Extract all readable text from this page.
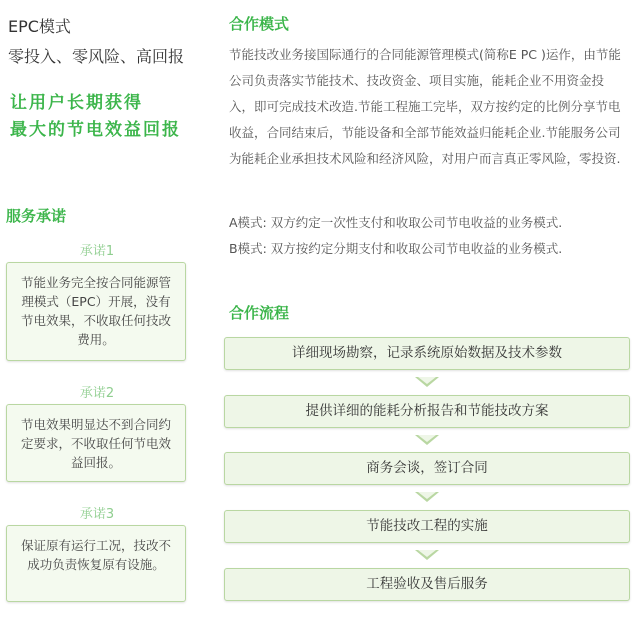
EPC模式
零投入、零风险、高回报
让用户长期获得
最大的节电效益回报
服务承诺
承诺1
节能业务完全按合同能源管理模式（EPC）开展，没有节电效果，不收取任何技改费用。
承诺2
节电效果明显达不到合同约定要求，不收取任何节电效益回报。
承诺3
保证原有运行工况，技改不成功负责恢复原有设施。
合作模式
节能技改业务接国际通行的合同能源管理模式(简称E PC )运作，由节能公司负责落实节能技术、技改资金、项目实施，能耗企业不用资金投入，即可完成技术改造.节能工程施工完毕，双方按约定的比例分享节电收益，合同结束后，节能设备和全部节能效益归能耗企业.节能服务公司为能耗企业承担技术风险和经济风险，对用户而言真正零风险，零投资.
A模式: 双方约定一次性支付和收取公司节电收益的业务模式.
B模式: 双方按约定分期支付和收取公司节电收益的业务模式.
合作流程
详细现场勘察，记录系统原始数据及技术参数
提供详细的能耗分析报告和节能技改方案
商务会谈，签订合同
节能技改工程的实施
工程验收及售后服务
